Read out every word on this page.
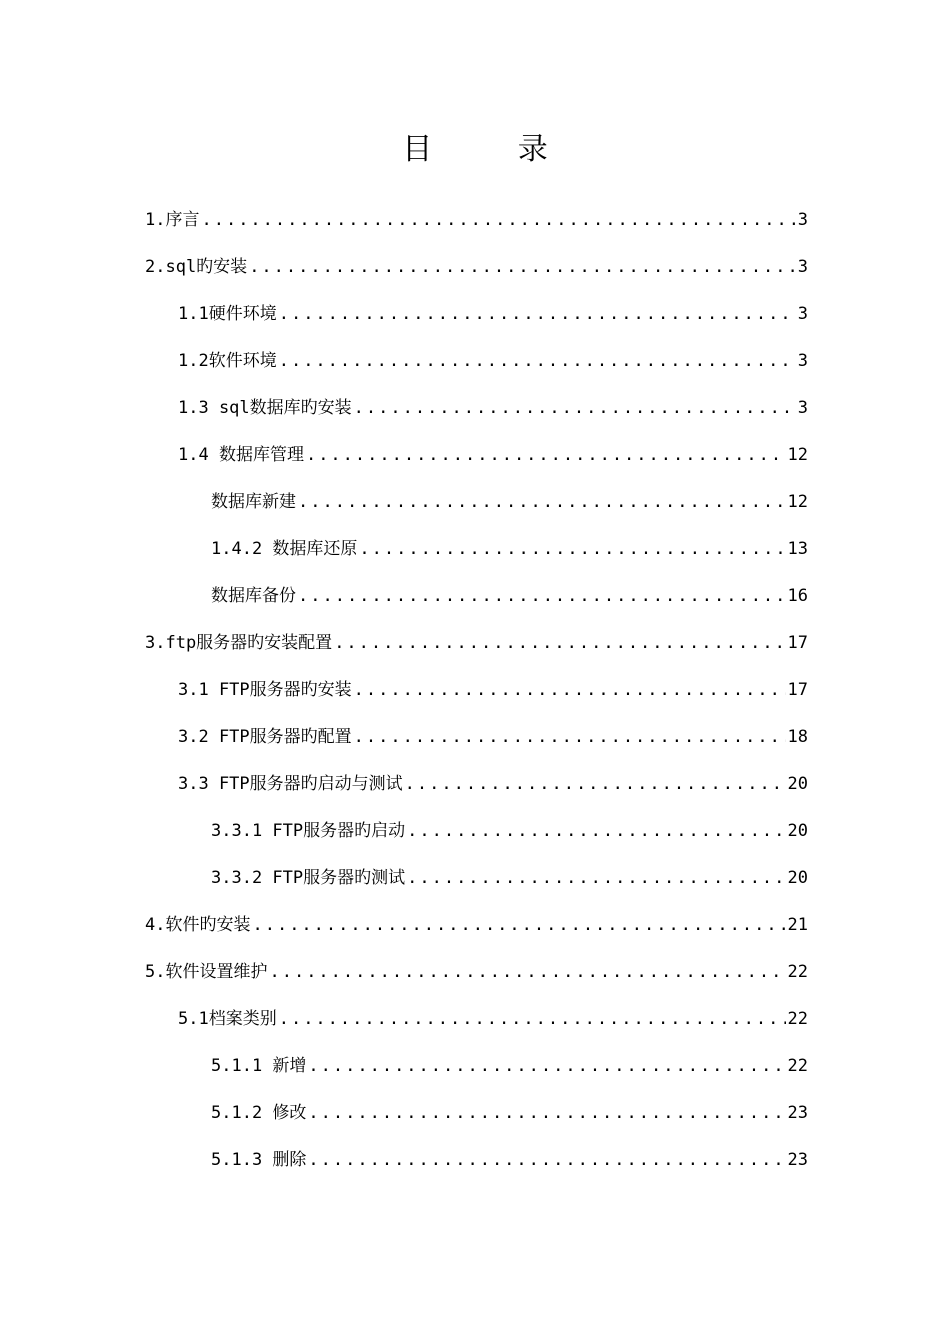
目 录
1.序言 .....	3
2.sql旳安装 .....	3
1.1硬件环境 .....	3
1.2软件环境 .....	3
1.3 sql数据库旳安装 .....	3
1.4 数据库管理 .....	12
数据库新建 .....	12
1.4.2 数据库还原 .....	13
数据库备份 .....	16
3.ftp服务器旳安装配置 .....	17
3.1 FTP服务器旳安装 .....	17
3.2 FTP服务器旳配置 .....	18
3.3 FTP服务器旳启动与测试 .....	20
3.3.1 FTP服务器旳启动 .....	20
3.3.2 FTP服务器旳测试 .....	20
4.软件旳安装 .....	21
5.软件设置维护 .....	22
5.1档案类别 .....	22
5.1.1 新增 .....	22
5.1.2 修改 .....	23
5.1.3 删除 .....	23
